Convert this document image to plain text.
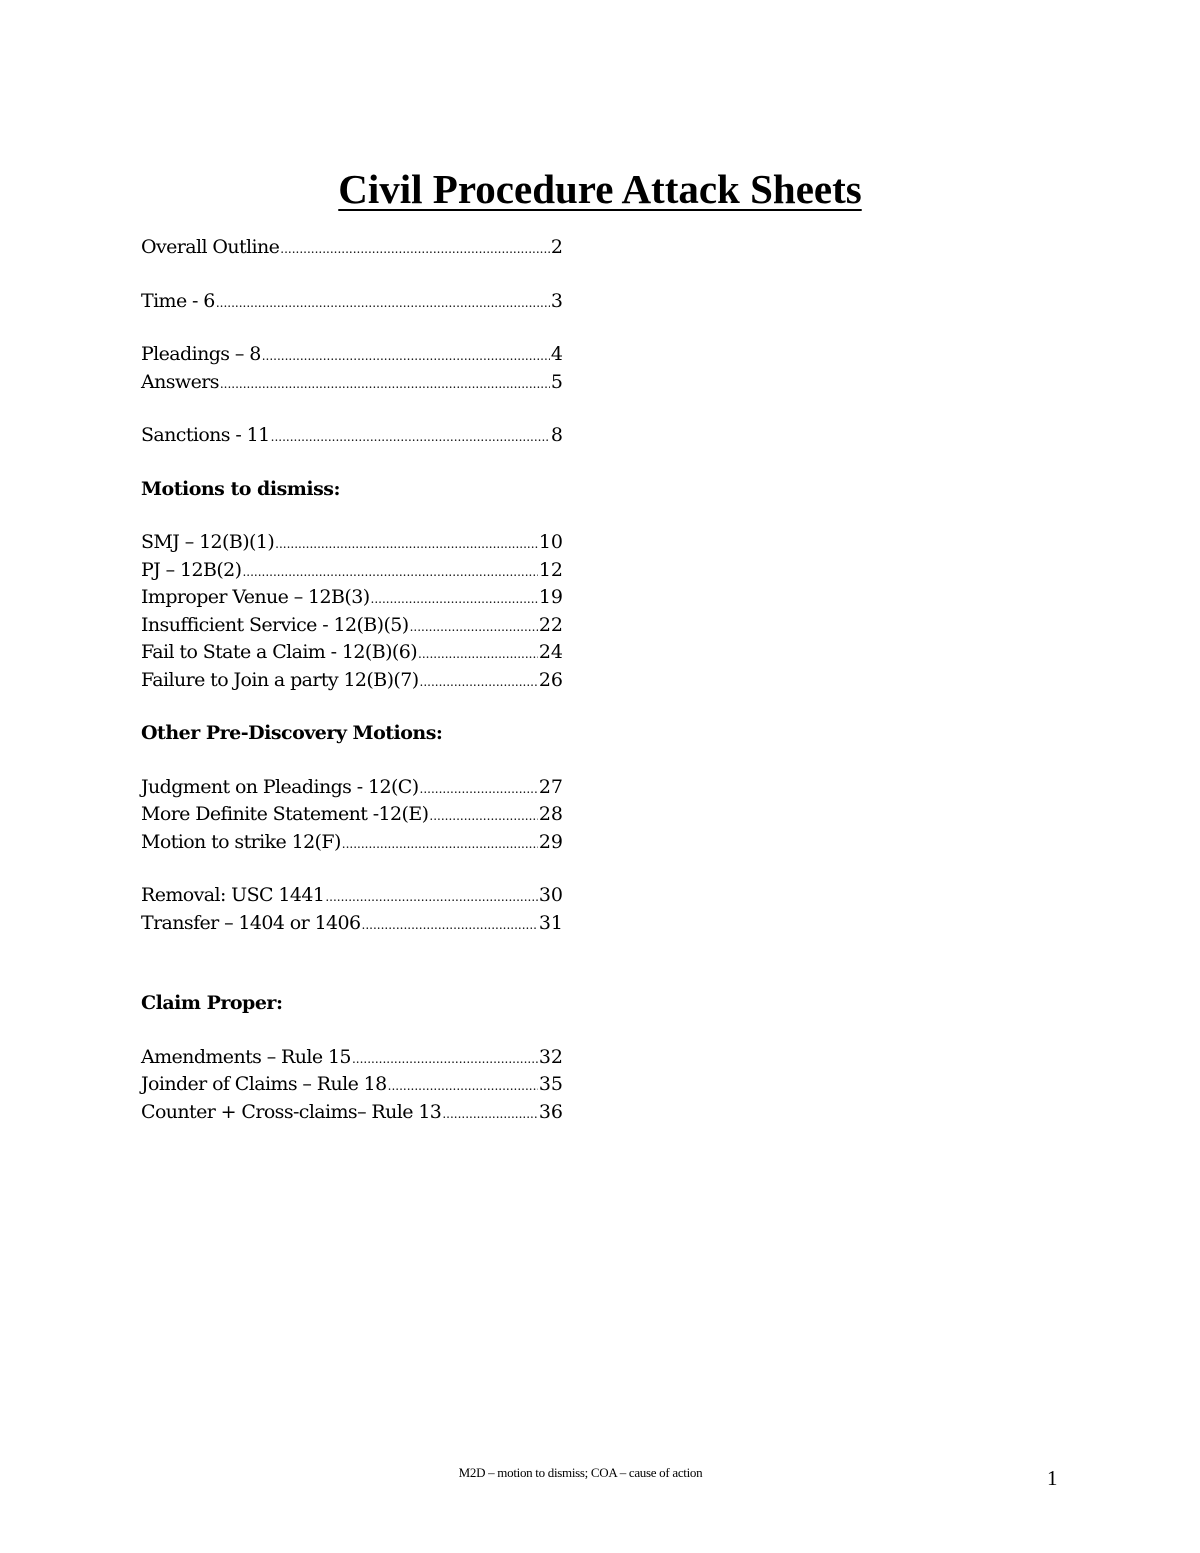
Civil Procedure Attack Sheets
Overall Outline .....	2
Time - 6 .....	3
Pleadings – 8 .....	4
Answers .....	5
Sanctions - 11 .....	8
Motions to dismiss:
SMJ – 12(B)(1) .....	10
PJ – 12B(2) .....	12
Improper Venue – 12B(3) .....	19
Insufficient Service - 12(B)(5) .....	22
Fail to State a Claim - 12(B)(6) .....	24
Failure to Join a party 12(B)(7) .....	26
Other Pre-Discovery Motions:
Judgment on Pleadings - 12(C) .....	27
More Definite Statement -12(E) .....	28
Motion to strike 12(F) .....	29
Removal: USC 1441 .....	30
Transfer – 1404 or 1406 .....	31
Claim Proper:
Amendments – Rule 15 .....	32
Joinder of Claims – Rule 18 .....	35
Counter + Cross-claims– Rule 13 .....	36
M2D – motion to dismiss; COA – cause of action	1
